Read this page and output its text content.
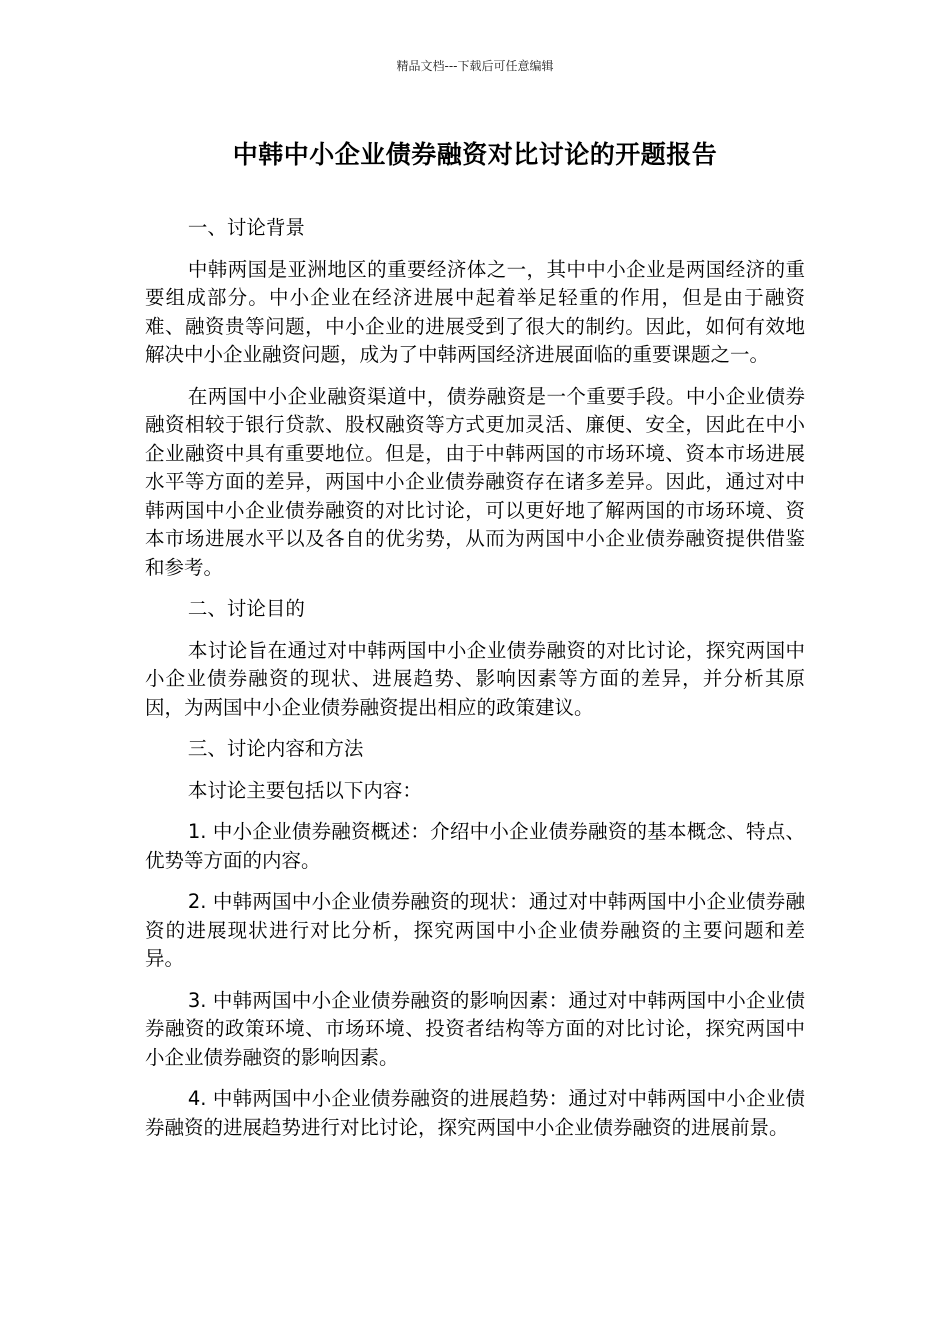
精品文档---下载后可任意编辑
中韩中小企业债券融资对比讨论的开题报告

一、讨论背景

中韩两国是亚洲地区的重要经济体之一，其中中小企业是两国经济的重要组成部分。中小企业在经济进展中起着举足轻重的作用，但是由于融资难、融资贵等问题，中小企业的进展受到了很大的制约。因此，如何有效地解决中小企业融资问题，成为了中韩两国经济进展面临的重要课题之一。

在两国中小企业融资渠道中，债券融资是一个重要手段。中小企业债券融资相较于银行贷款、股权融资等方式更加灵活、廉便、安全，因此在中小企业融资中具有重要地位。但是，由于中韩两国的市场环境、资本市场进展水平等方面的差异，两国中小企业债券融资存在诸多差异。因此，通过对中韩两国中小企业债券融资的对比讨论，可以更好地了解两国的市场环境、资本市场进展水平以及各自的优劣势，从而为两国中小企业债券融资提供借鉴和参考。

二、讨论目的

本讨论旨在通过对中韩两国中小企业债券融资的对比讨论，探究两国中小企业债券融资的现状、进展趋势、影响因素等方面的差异，并分析其原因，为两国中小企业债券融资提出相应的政策建议。

三、讨论内容和方法

本讨论主要包括以下内容：

1. 中小企业债券融资概述：介绍中小企业债券融资的基本概念、特点、优势等方面的内容。

2. 中韩两国中小企业债券融资的现状：通过对中韩两国中小企业债券融资的进展现状进行对比分析，探究两国中小企业债券融资的主要问题和差异。

3. 中韩两国中小企业债券融资的影响因素：通过对中韩两国中小企业债券融资的政策环境、市场环境、投资者结构等方面的对比讨论，探究两国中小企业债券融资的影响因素。

4. 中韩两国中小企业债券融资的进展趋势：通过对中韩两国中小企业债券融资的进展趋势进行对比讨论，探究两国中小企业债券融资的进展前景。
